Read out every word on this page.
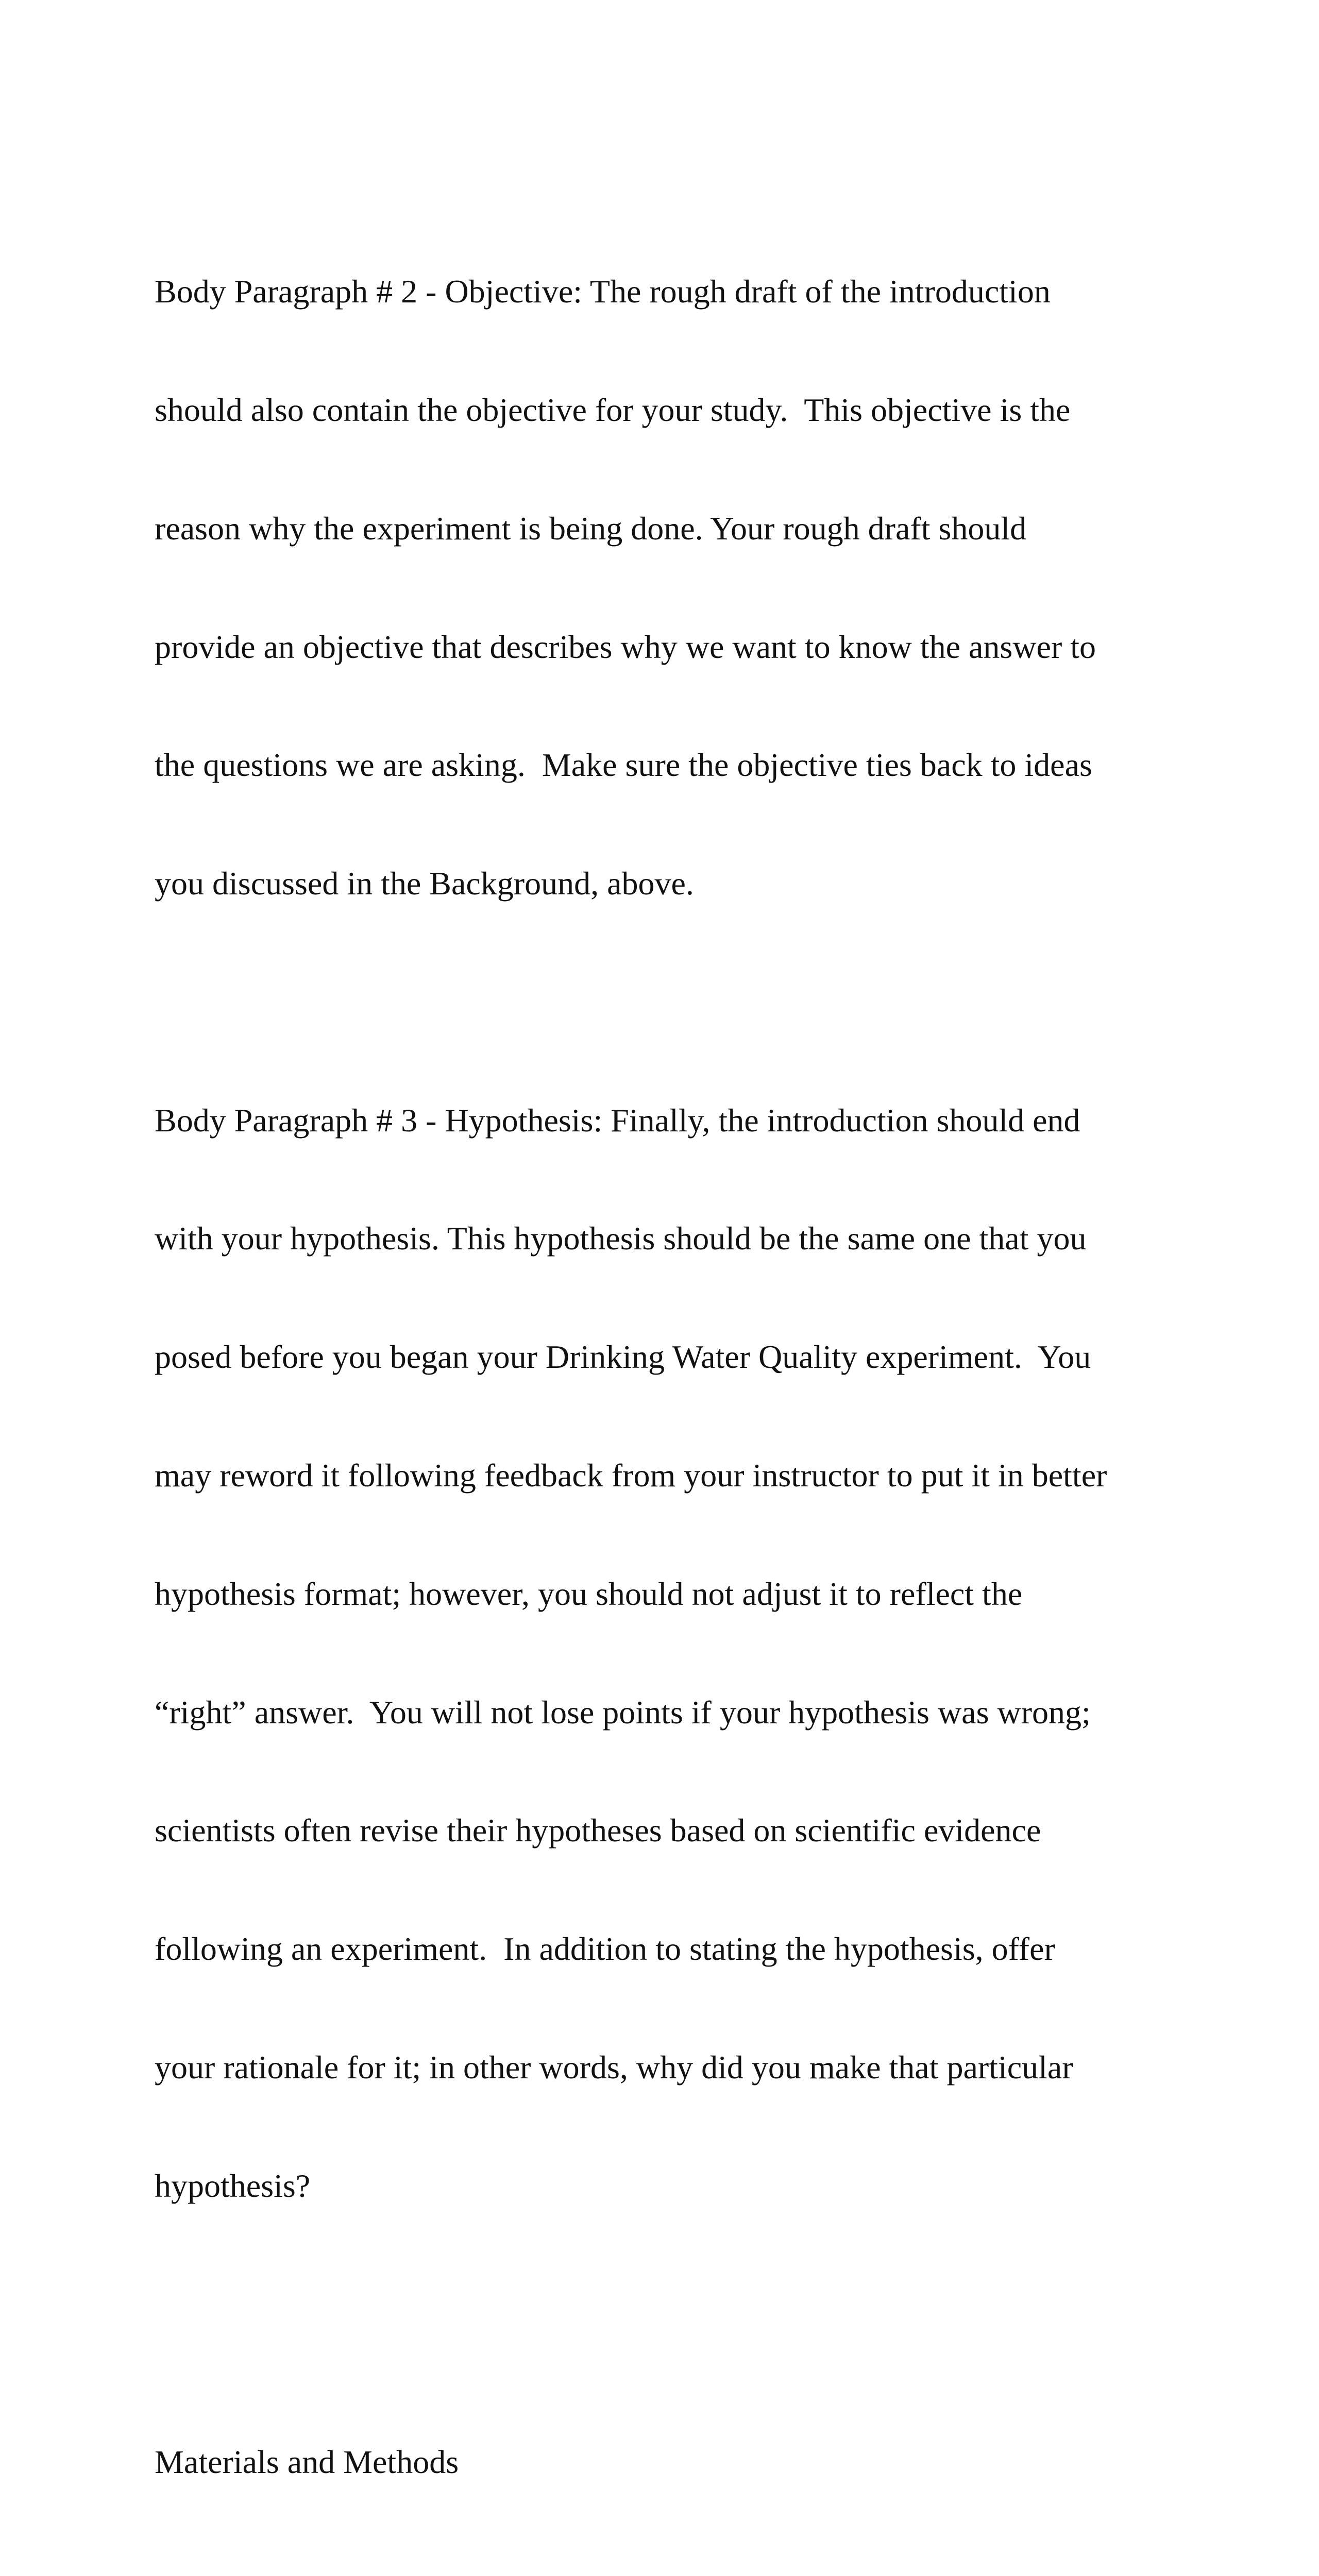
Body Paragraph # 2 - Objective: The rough draft of the introduction

should also contain the objective for your study.  This objective is the

reason why the experiment is being done. Your rough draft should

provide an objective that describes why we want to know the answer to

the questions we are asking.  Make sure the objective ties back to ideas

you discussed in the Background, above.

Body Paragraph # 3 - Hypothesis: Finally, the introduction should end

with your hypothesis. This hypothesis should be the same one that you

posed before you began your Drinking Water Quality experiment.  You

may reword it following feedback from your instructor to put it in better

hypothesis format; however, you should not adjust it to reflect the

“right” answer.  You will not lose points if your hypothesis was wrong;

scientists often revise their hypotheses based on scientific evidence

following an experiment.  In addition to stating the hypothesis, offer

your rationale for it; in other words, why did you make that particular

hypothesis?

Materials and Methods
